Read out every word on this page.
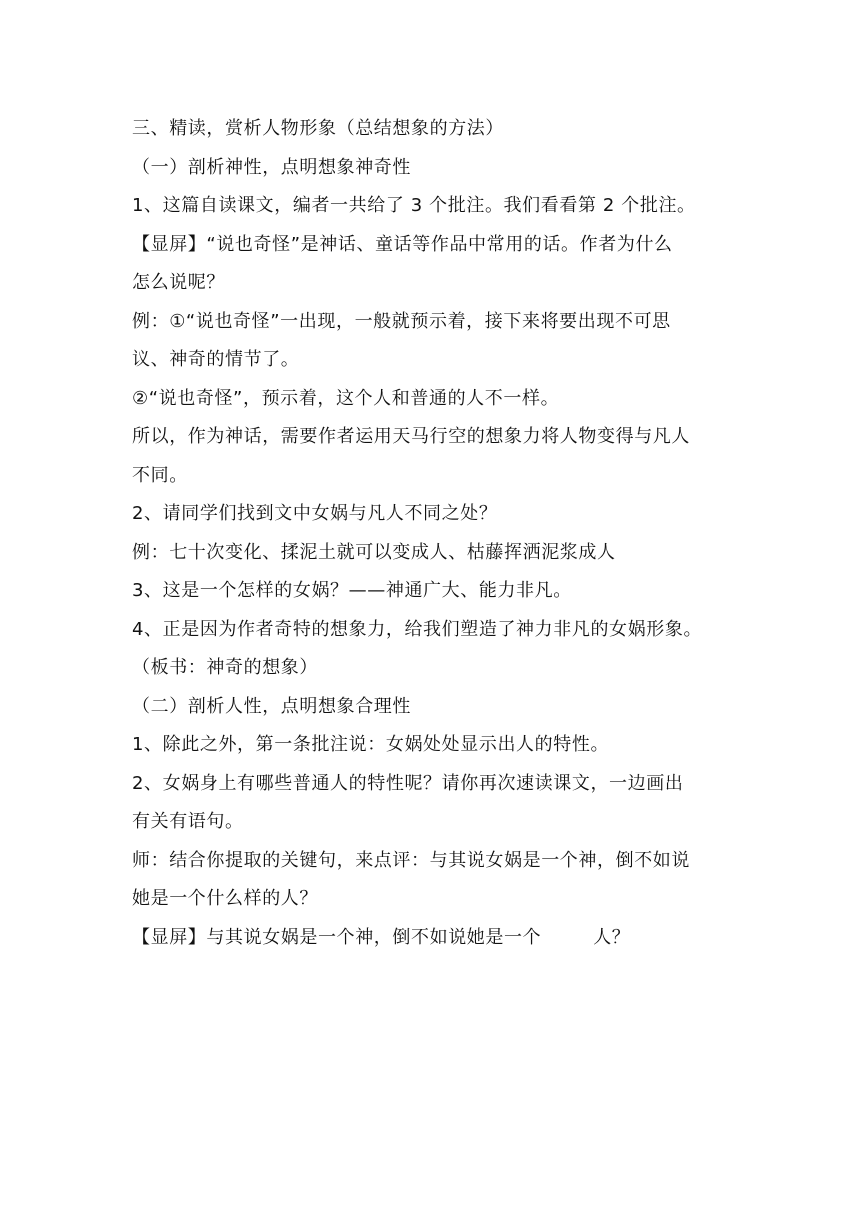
三、精读，赏析人物形象（总结想象的方法）
（一）剖析神性，点明想象神奇性
1、这篇自读课文，编者一共给了 3 个批注。我们看看第 2 个批注。
【显屏】“说也奇怪”是神话、童话等作品中常用的话。作者为什么
怎么说呢？
例：①“说也奇怪”一出现，一般就预示着，接下来将要出现不可思
议、神奇的情节了。
②“说也奇怪”，预示着，这个人和普通的人不一样。
所以，作为神话，需要作者运用天马行空的想象力将人物变得与凡人
不同。
2、请同学们找到文中女娲与凡人不同之处？
例：七十次变化、揉泥土就可以变成人、枯藤挥洒泥浆成人
3、这是一个怎样的女娲？——神通广大、能力非凡。
4、正是因为作者奇特的想象力，给我们塑造了神力非凡的女娲形象。
（板书：神奇的想象）
（二）剖析人性，点明想象合理性
1、除此之外，第一条批注说：女娲处处显示出人的特性。
2、女娲身上有哪些普通人的特性呢？请你再次速读课文，一边画出
有关有语句。
师：结合你提取的关键句，来点评：与其说女娲是一个神，倒不如说
她是一个什么样的人？
【显屏】与其说女娲是一个神，倒不如说她是一个	人？
